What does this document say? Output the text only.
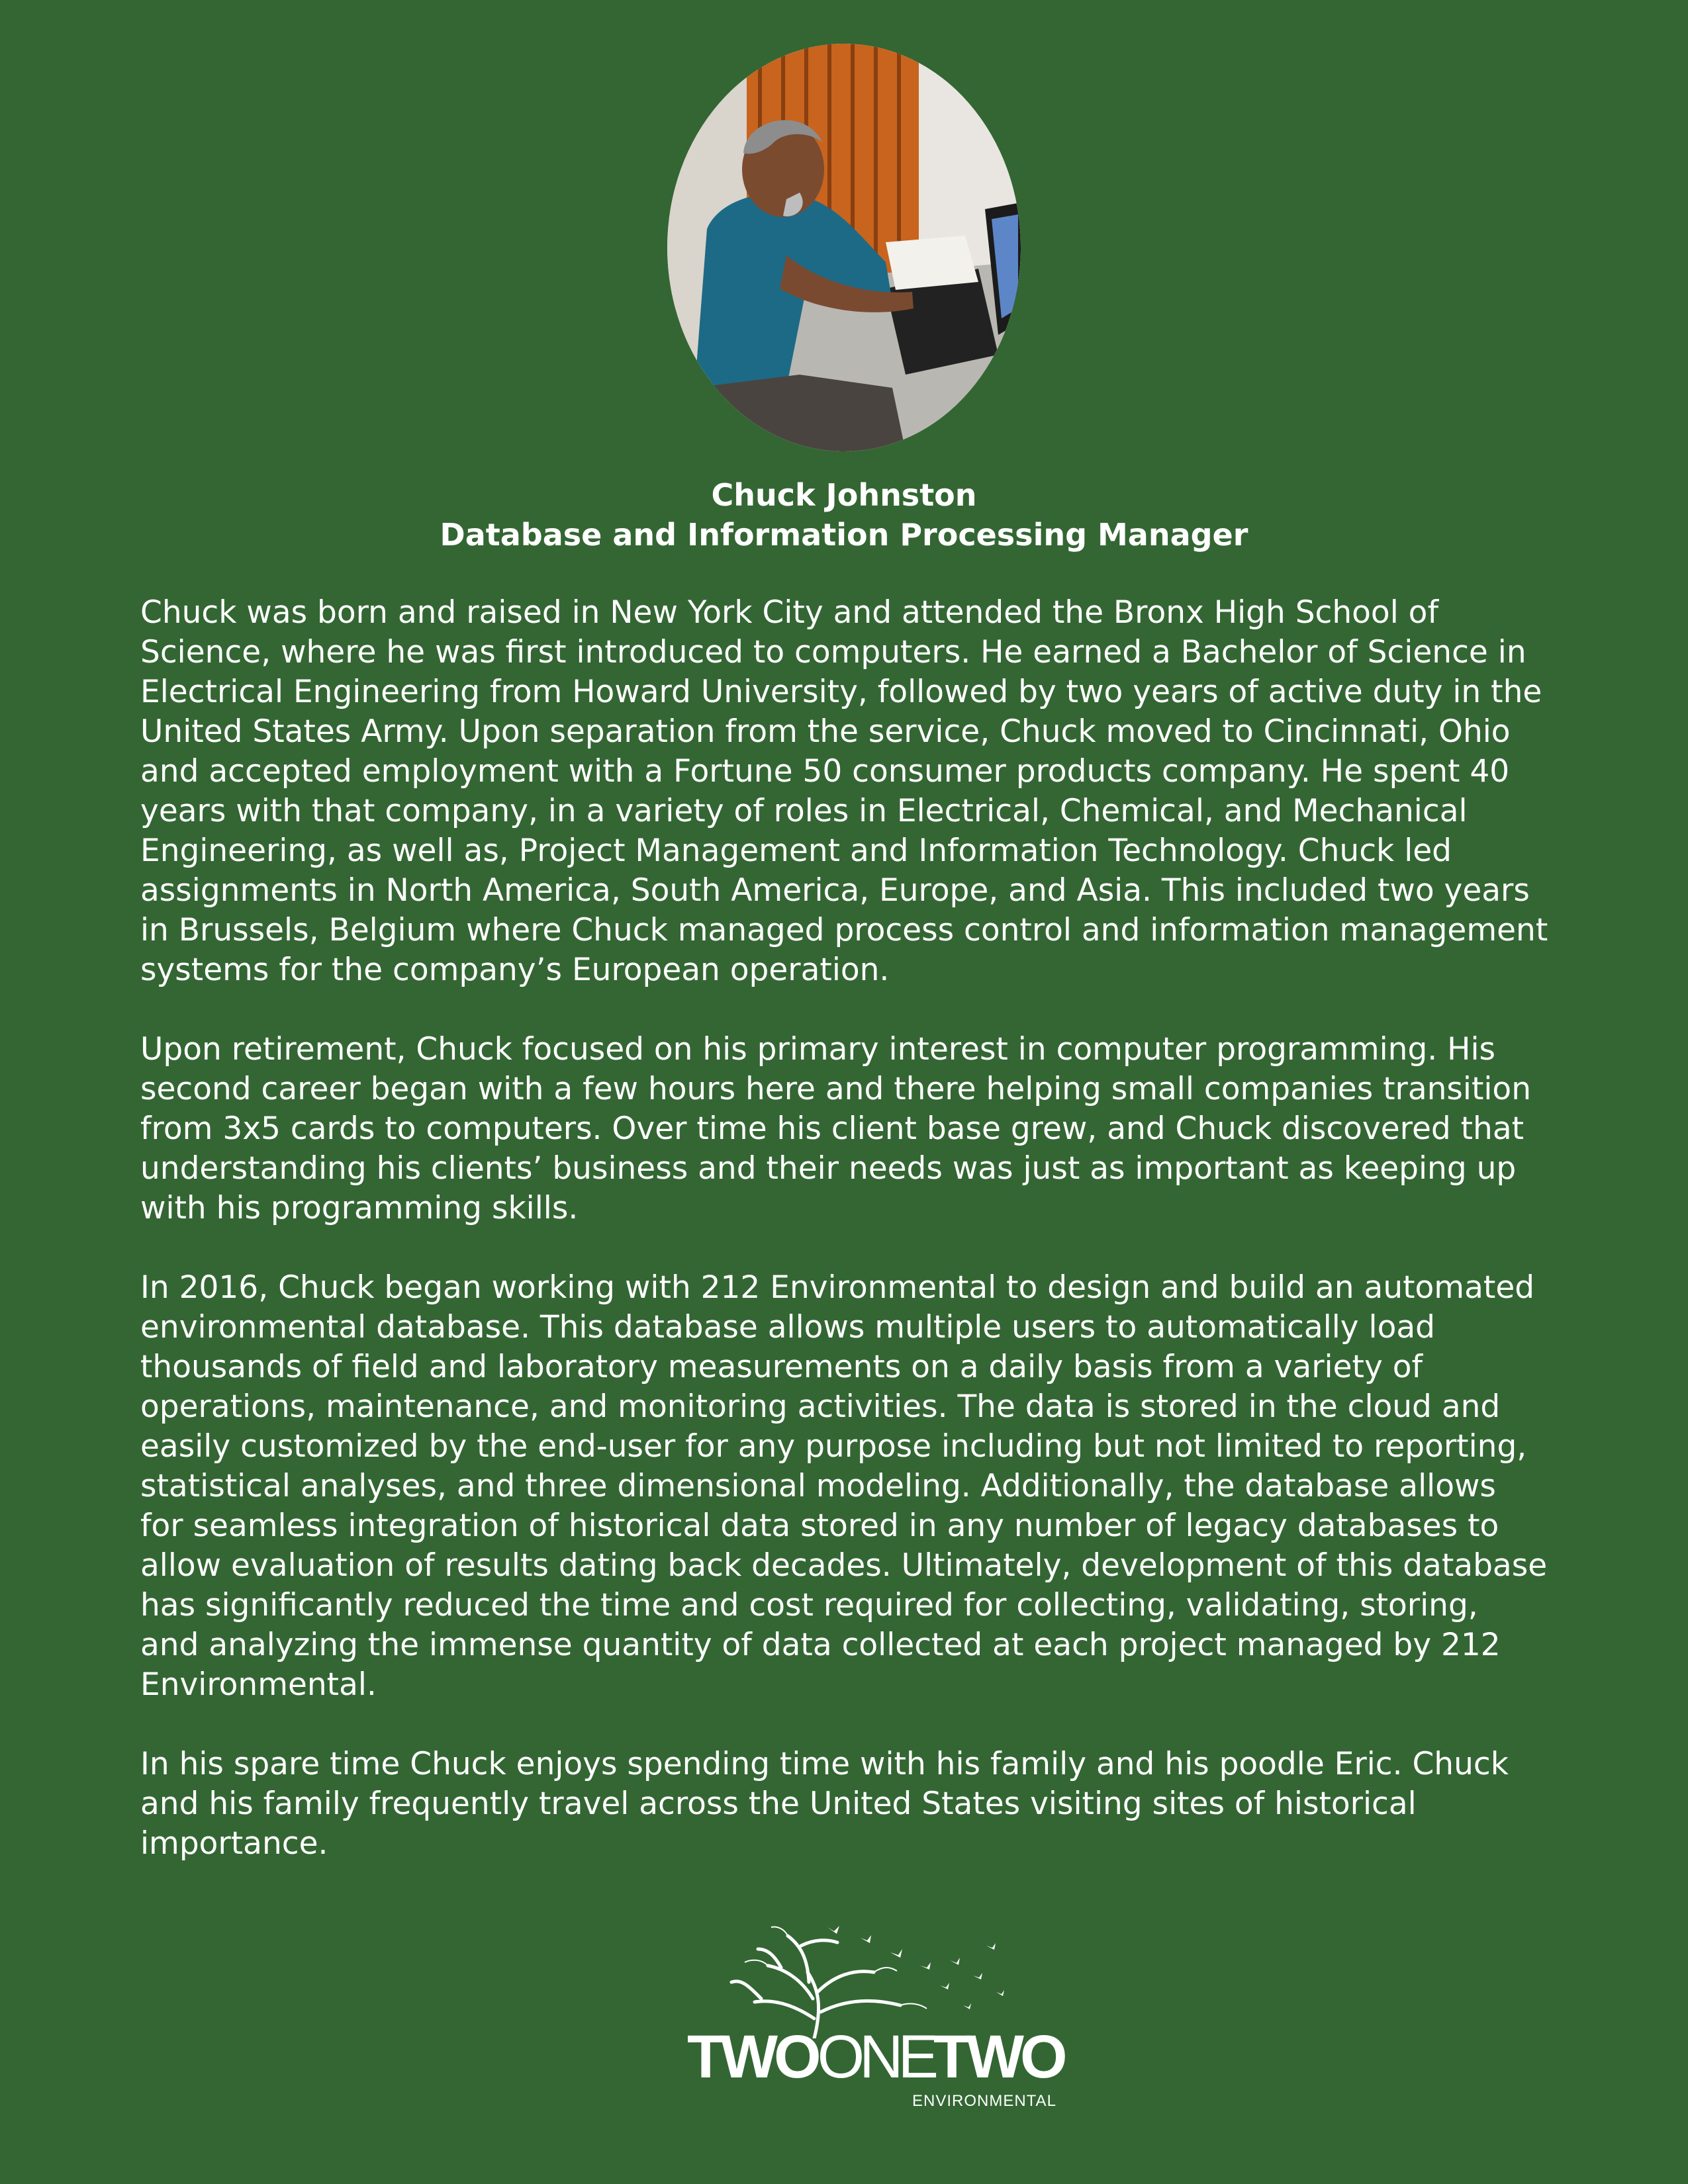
Chuck Johnston
Database and Information Processing Manager

Chuck was born and raised in New York City and attended the Bronx High School of
Science, where he was first introduced to computers. He earned a Bachelor of Science in
Electrical Engineering from Howard University, followed by two years of active duty in the
United States Army. Upon separation from the service, Chuck moved to Cincinnati, Ohio
and accepted employment with a Fortune 50 consumer products company. He spent 40
years with that company, in a variety of roles in Electrical, Chemical, and Mechanical
Engineering, as well as, Project Management and Information Technology. Chuck led
assignments in North America, South America, Europe, and Asia. This included two years
in Brussels, Belgium where Chuck managed process control and information management
systems for the company’s European operation.

Upon retirement, Chuck focused on his primary interest in computer programming. His
second career began with a few hours here and there helping small companies transition
from 3x5 cards to computers. Over time his client base grew, and Chuck discovered that
understanding his clients’ business and their needs was just as important as keeping up
with his programming skills.

In 2016, Chuck began working with 212 Environmental to design and build an automated
environmental database. This database allows multiple users to automatically load
thousands of field and laboratory measurements on a daily basis from a variety of
operations, maintenance, and monitoring activities. The data is stored in the cloud and
easily customized by the end-user for any purpose including but not limited to reporting,
statistical analyses, and three dimensional modeling. Additionally, the database allows
for seamless integration of historical data stored in any number of legacy databases to
allow evaluation of results dating back decades. Ultimately, development of this database
has significantly reduced the time and cost required for collecting, validating, storing,
and analyzing the immense quantity of data collected at each project managed by 212
Environmental.

In his spare time Chuck enjoys spending time with his family and his poodle Eric. Chuck
and his family frequently travel across the United States visiting sites of historical
importance.

TWOONETWO
ENVIRONMENTAL
